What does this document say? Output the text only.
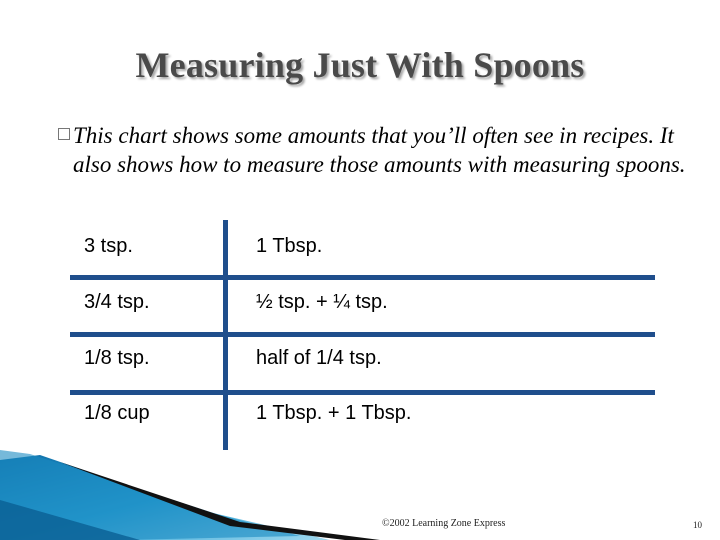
Measuring Just With Spoons
This chart shows some amounts that you’ll often see in recipes. It also shows how to measure those amounts with measuring spoons.
3 tsp.	1 Tbsp.
3/4 tsp.	½ tsp. + ¼ tsp.
1/8 tsp.	half of 1/4 tsp.
1/8 cup	1 Tbsp. + 1 Tbsp.
©2002 Learning Zone Express	10
